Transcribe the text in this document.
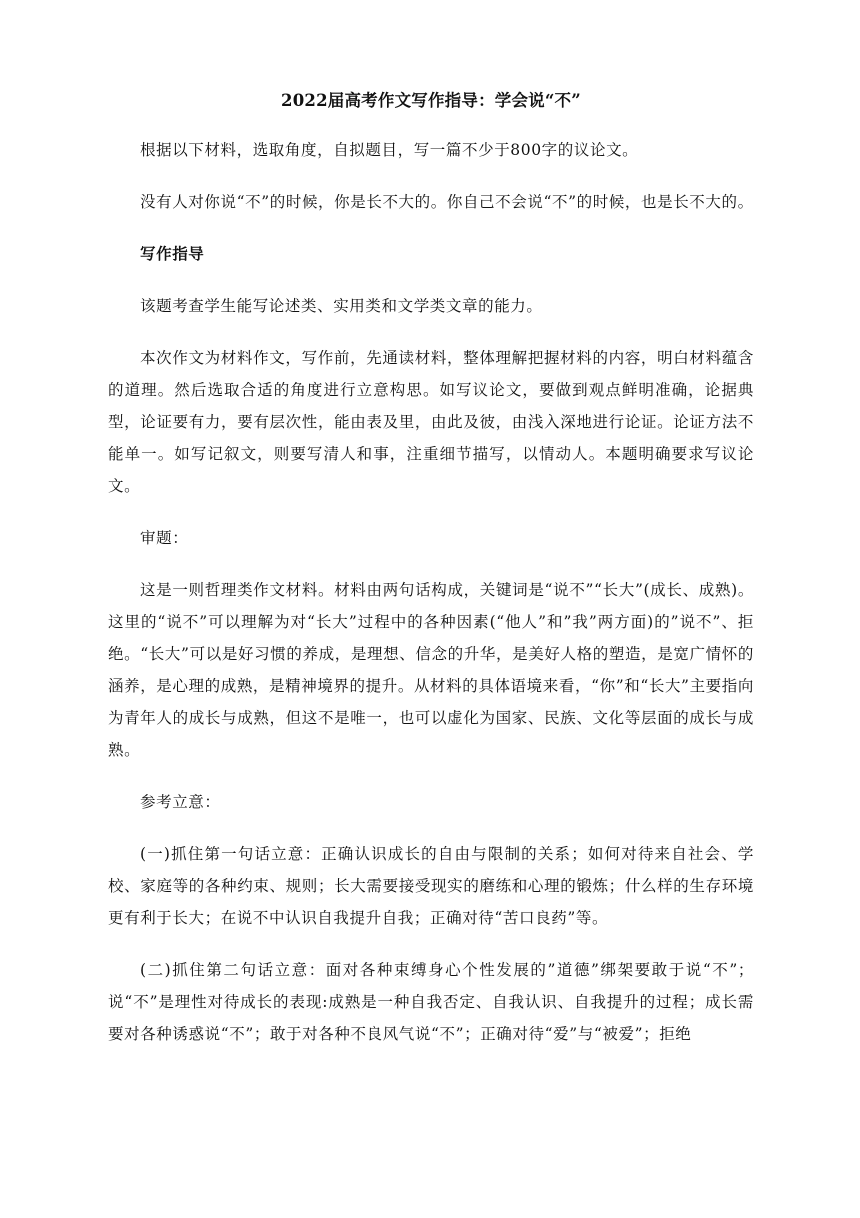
2022届高考作文写作指导：学会说“不”

根据以下材料，选取角度，自拟题目，写一篇不少于800字的议论文。

没有人对你说“不”的时候，你是长不大的。你自己不会说“不”的时候，也是长不大的。

写作指导

该题考查学生能写论述类、实用类和文学类文章的能力。

本次作文为材料作文，写作前，先通读材料，整体理解把握材料的内容，明白材料蕴含的道理。然后选取合适的角度进行立意构思。如写议论文，要做到观点鲜明准确，论据典型，论证要有力，要有层次性，能由表及里，由此及彼，由浅入深地进行论证。论证方法不能单一。如写记叙文，则要写清人和事，注重细节描写，以情动人。本题明确要求写议论文。

审题：

这是一则哲理类作文材料。材料由两句话构成，关键词是“说不”“长大”(成长、成熟)。这里的“说不”可以理解为对“长大”过程中的各种因素(“他人”和”我”两方面)的”说不”、拒绝。“长大”可以是好习惯的养成，是理想、信念的升华，是美好人格的塑造，是宽广情怀的涵养，是心理的成熟，是精神境界的提升。从材料的具体语境来看，“你”和“长大”主要指向为青年人的成长与成熟，但这不是唯一，也可以虚化为国家、民族、文化等层面的成长与成熟。

参考立意：

(一)抓住第一句话立意：正确认识成长的自由与限制的关系；如何对待来自社会、学校、家庭等的各种约束、规则；长大需要接受现实的磨练和心理的锻炼；什么样的生存环境更有利于长大；在说不中认识自我提升自我；正确对待“苦口良药”等。

(二)抓住第二句话立意：面对各种束缚身心个性发展的”道德”绑架要敢于说“不”；说“不”是理性对待成长的表现:成熟是一种自我否定、自我认识、自我提升的过程；成长需要对各种诱惑说“不”；敢于对各种不良风气说“不”；正确对待“爱”与“被爱”；拒绝
